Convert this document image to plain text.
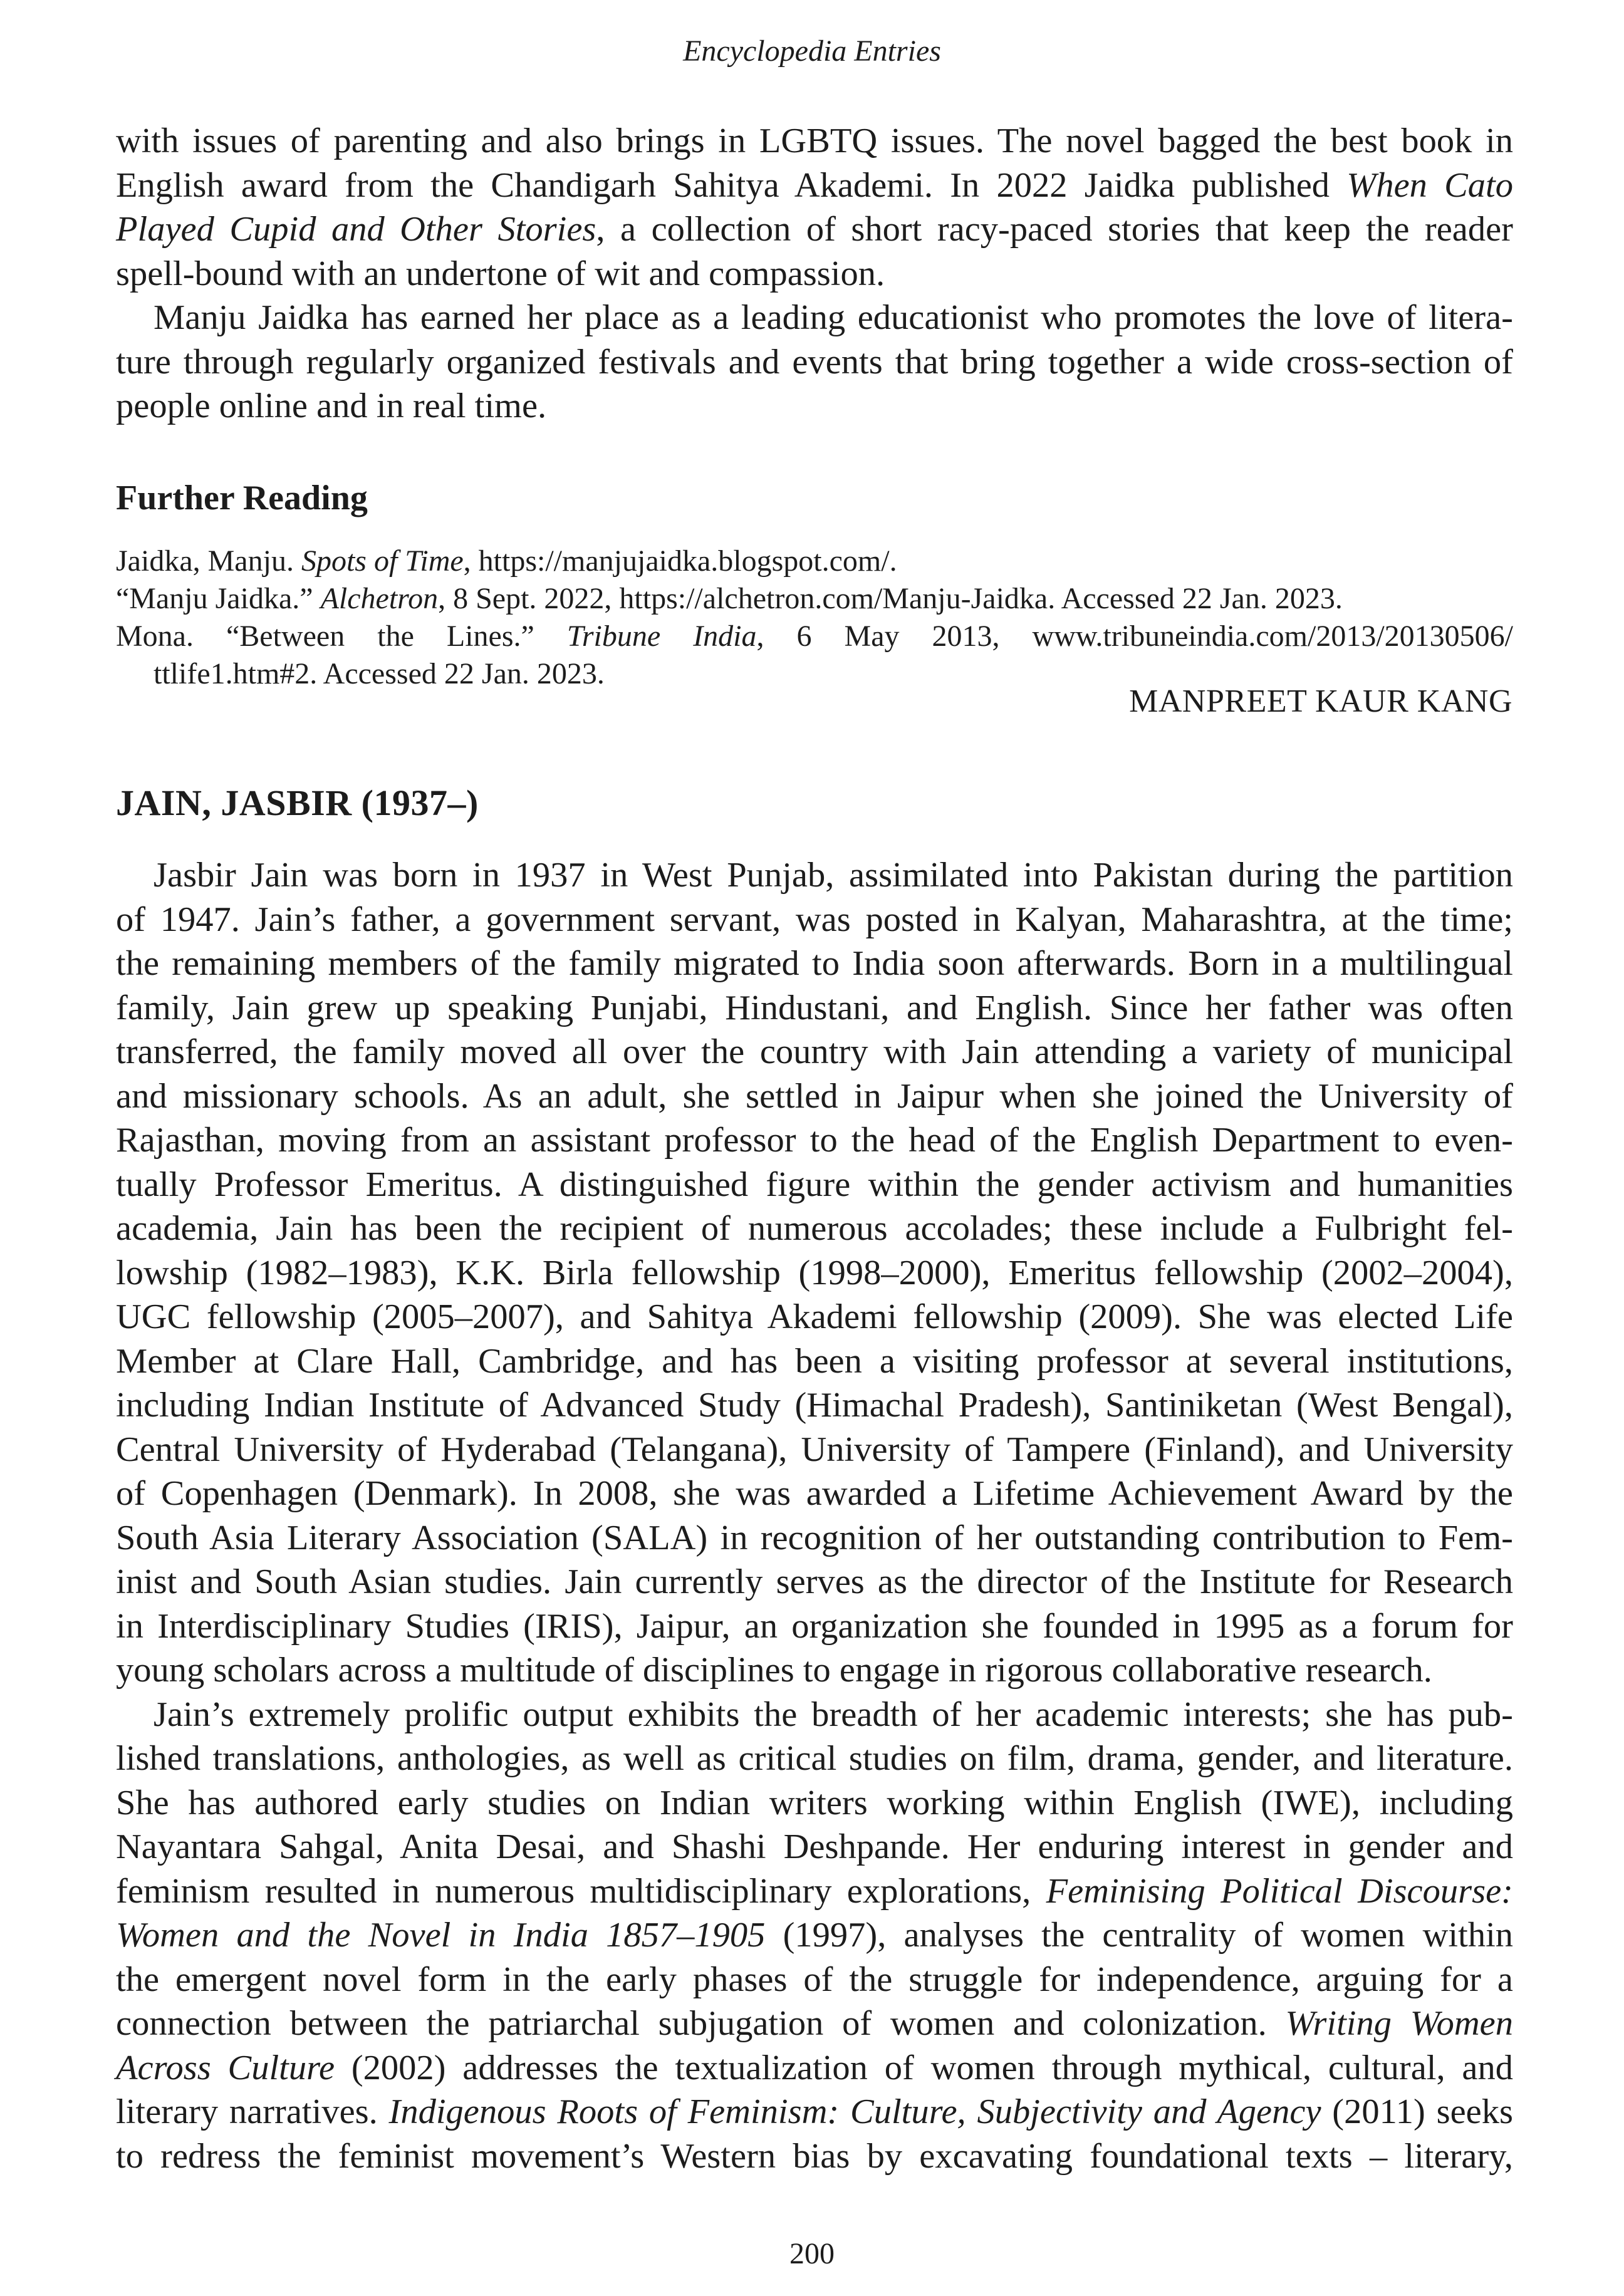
Encyclopedia Entries
with issues of parenting and also brings in LGBTQ issues. The novel bagged the best book in
English award from the Chandigarh Sahitya Akademi. In 2022 Jaidka published When Cato
Played Cupid and Other Stories, a collection of short racy-paced stories that keep the reader
spell-bound with an undertone of wit and compassion.
Manju Jaidka has earned her place as a leading educationist who promotes the love of litera-
ture through regularly organized festivals and events that bring together a wide cross-section of
people online and in real time.
Further Reading
Jaidka, Manju. Spots of Time, https://manjujaidka.blogspot.com/.
“Manju Jaidka.” Alchetron, 8 Sept. 2022, https://alchetron.com/Manju-Jaidka. Accessed 22 Jan. 2023.
Mona. “Between the Lines.” Tribune India, 6 May 2013, www.tribuneindia.com/2013/20130506/
ttlife1.htm#2. Accessed 22 Jan. 2023.
MANPREET KAUR KANG
JAIN, JASBIR (1937–)
Jasbir Jain was born in 1937 in West Punjab, assimilated into Pakistan during the partition
of 1947. Jain’s father, a government servant, was posted in Kalyan, Maharashtra, at the time;
the remaining members of the family migrated to India soon afterwards. Born in a multilingual
family, Jain grew up speaking Punjabi, Hindustani, and English. Since her father was often
transferred, the family moved all over the country with Jain attending a variety of municipal
and missionary schools. As an adult, she settled in Jaipur when she joined the University of
Rajasthan, moving from an assistant professor to the head of the English Department to even-
tually Professor Emeritus. A distinguished figure within the gender activism and humanities
academia, Jain has been the recipient of numerous accolades; these include a Fulbright fel-
lowship (1982–1983), K.K. Birla fellowship (1998–2000), Emeritus fellowship (2002–2004),
UGC fellowship (2005–2007), and Sahitya Akademi fellowship (2009). She was elected Life
Member at Clare Hall, Cambridge, and has been a visiting professor at several institutions,
including Indian Institute of Advanced Study (Himachal Pradesh), Santiniketan (West Bengal),
Central University of Hyderabad (Telangana), University of Tampere (Finland), and University
of Copenhagen (Denmark). In 2008, she was awarded a Lifetime Achievement Award by the
South Asia Literary Association (SALA) in recognition of her outstanding contribution to Fem-
inist and South Asian studies. Jain currently serves as the director of the Institute for Research
in Interdisciplinary Studies (IRIS), Jaipur, an organization she founded in 1995 as a forum for
young scholars across a multitude of disciplines to engage in rigorous collaborative research.
Jain’s extremely prolific output exhibits the breadth of her academic interests; she has pub-
lished translations, anthologies, as well as critical studies on film, drama, gender, and literature.
She has authored early studies on Indian writers working within English (IWE), including
Nayantara Sahgal, Anita Desai, and Shashi Deshpande. Her enduring interest in gender and
feminism resulted in numerous multidisciplinary explorations, Feminising Political Discourse:
Women and the Novel in India 1857–1905 (1997), analyses the centrality of women within
the emergent novel form in the early phases of the struggle for independence, arguing for a
connection between the patriarchal subjugation of women and colonization. Writing Women
Across Culture (2002) addresses the textualization of women through mythical, cultural, and
literary narratives. Indigenous Roots of Feminism: Culture, Subjectivity and Agency (2011) seeks
to redress the feminist movement’s Western bias by excavating foundational texts – literary,
200
